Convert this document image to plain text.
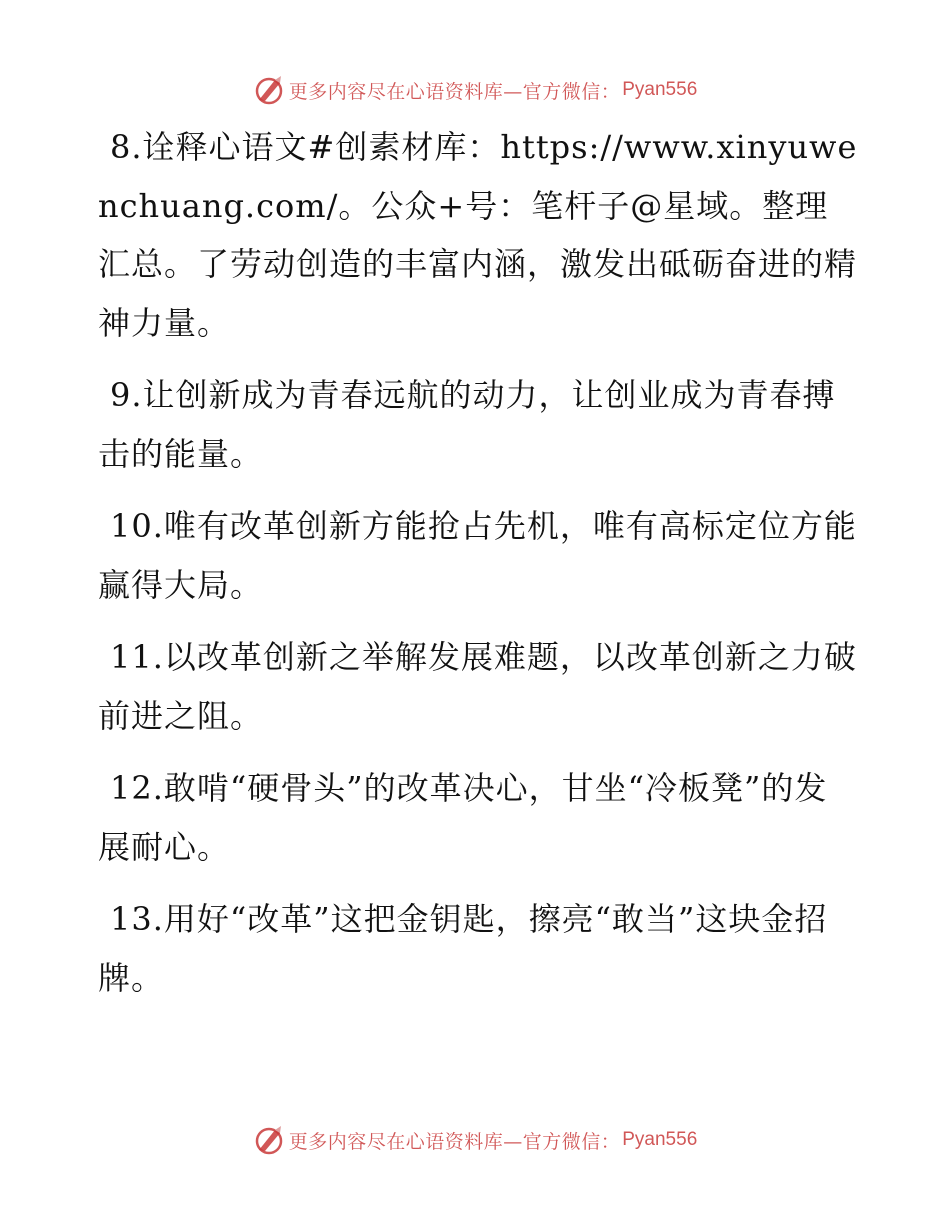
更多内容尽在心语资料库—官方微信： Pyan556

8.诠释心语文#创素材库：https://www.xinyuwenchuang.com/。公众+号：笔杆子@星域。整理汇总。了劳动创造的丰富内涵，激发出砥砺奋进的精神力量。

9.让创新成为青春远航的动力，让创业成为青春搏击的能量。

10.唯有改革创新方能抢占先机，唯有高标定位方能赢得大局。

11.以改革创新之举解发展难题，以改革创新之力破前进之阻。

12.敢啃“硬骨头”的改革决心，甘坐“冷板凳”的发展耐心。

13.用好“改革”这把金钥匙，擦亮“敢当”这块金招牌。

更多内容尽在心语资料库—官方微信： Pyan556
